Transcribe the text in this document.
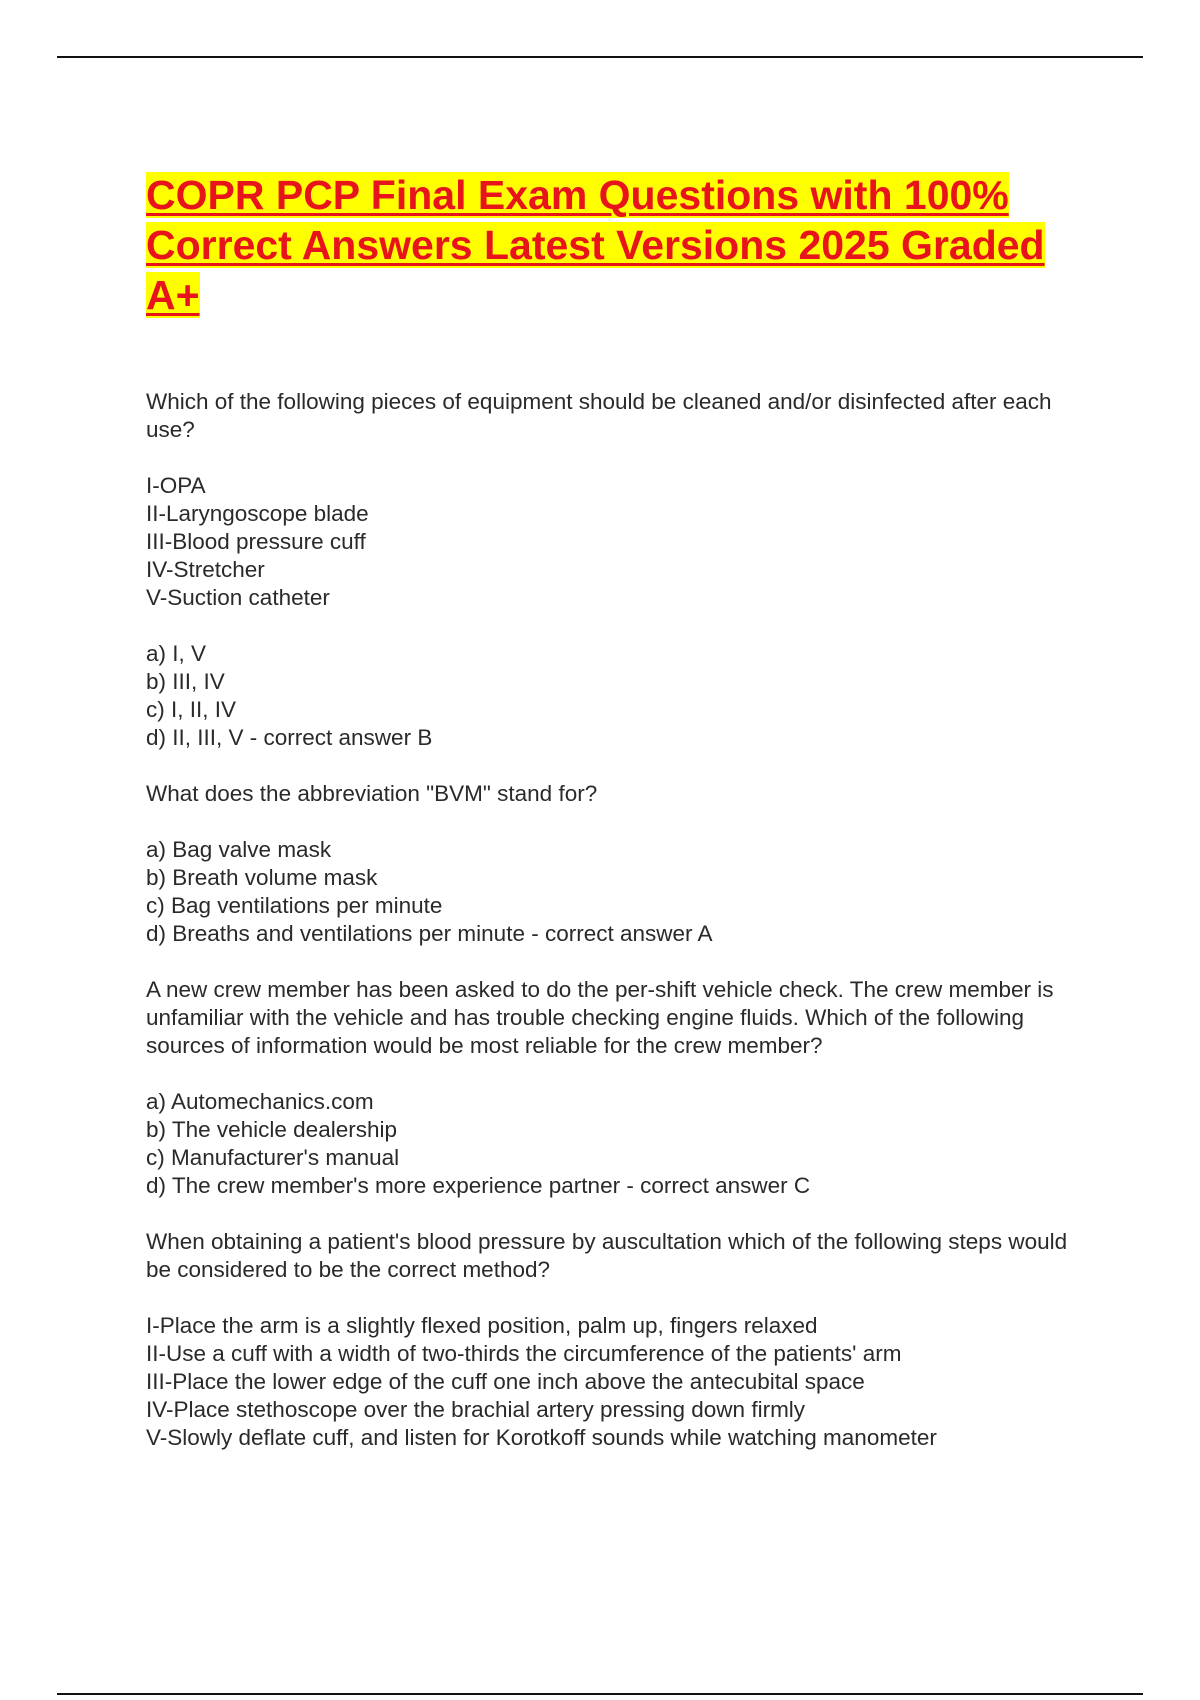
COPR PCP Final Exam Questions with 100% Correct Answers Latest Versions 2025 Graded A+
Which of the following pieces of equipment should be cleaned and/or disinfected after each use?
I-OPA
II-Laryngoscope blade
III-Blood pressure cuff
IV-Stretcher
V-Suction catheter
a) I, V
b) III, IV
c) I, II, IV
d) II, III, V - correct answer B
What does the abbreviation "BVM" stand for?
a) Bag valve mask
b) Breath volume mask
c) Bag ventilations per minute
d) Breaths and ventilations per minute - correct answer A
A new crew member has been asked to do the per-shift vehicle check. The crew member is unfamiliar with the vehicle and has trouble checking engine fluids. Which of the following sources of information would be most reliable for the crew member?
a) Automechanics.com
b) The vehicle dealership
c) Manufacturer's manual
d) The crew member's more experience partner - correct answer C
When obtaining a patient's blood pressure by auscultation which of the following steps would be considered to be the correct method?
I-Place the arm is a slightly flexed position, palm up, fingers relaxed
II-Use a cuff with a width of two-thirds the circumference of the patients' arm
III-Place the lower edge of the cuff one inch above the antecubital space
IV-Place stethoscope over the brachial artery pressing down firmly
V-Slowly deflate cuff, and listen for Korotkoff sounds while watching manometer
